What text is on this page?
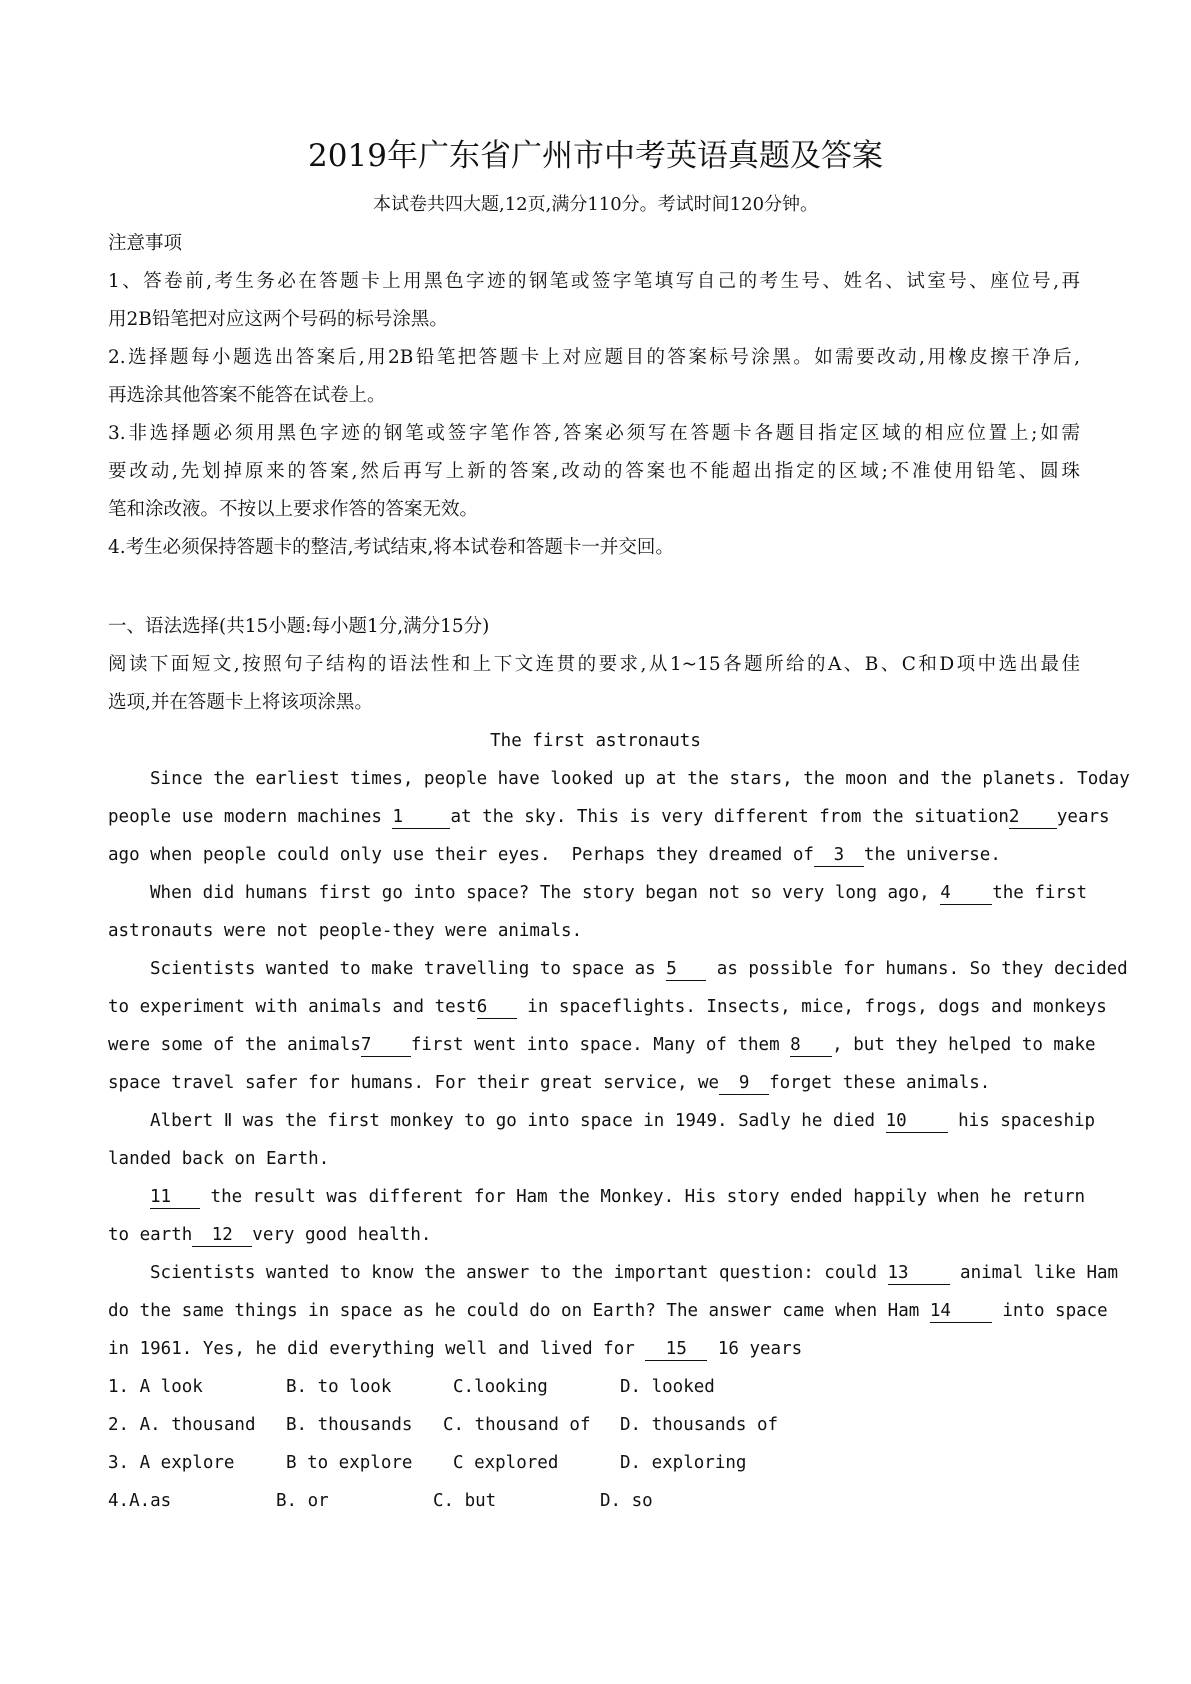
2019年广东省广州市中考英语真题及答案
本试卷共四大题,12页,满分110分。考试时间120分钟。
注意事项
1、答卷前,考生务必在答题卡上用黑色字迹的钢笔或签字笔填写自己的考生号、姓名、试室号、座位号,再
用2B铅笔把对应这两个号码的标号涂黑。
2.选择题每小题选出答案后,用2B铅笔把答题卡上对应题目的答案标号涂黑。如需要改动,用橡皮擦干净后,
再选涂其他答案不能答在试卷上。
3.非选择题必须用黑色字迹的钢笔或签字笔作答,答案必须写在答题卡各题目指定区域的相应位置上;如需
要改动,先划掉原来的答案,然后再写上新的答案,改动的答案也不能超出指定的区域;不准使用铅笔、圆珠
笔和涂改液。不按以上要求作答的答案无效。
4.考生必须保持答题卡的整洁,考试结束,将本试卷和答题卡一并交回。
一、语法选择(共15小题:每小题1分,满分15分)
阅读下面短文,按照句子结构的语法性和上下文连贯的要求,从1~15各题所给的A、B、C和D项中选出最佳
选项,并在答题卡上将该项涂黑。
The first astronauts
Since the earliest times, people have looked up at the stars, the moon and the planets. Today
people use modern machines 1	at the sky. This is very different from the situation2 years
ago when people could only use their eyes.  Perhaps they dreamed of 3 the universe.
When did humans first go into space? The story began not so very long ago, 4 the first
astronauts were not people-they were animals.
Scientists wanted to make travelling to space as 5 as possible for humans. So they decided
to experiment with animals and test6 in spaceflights. Insects, mice, frogs, dogs and monkeys
were some of the animals7 first went into space. Many of them 8 , but they helped to make
space travel safer for humans. For their great service, we 9 forget these animals.
Albert Ⅱ was the first monkey to go into space in 1949. Sadly he died 10 his spaceship
landed back on Earth.
11 the result was different for Ham the Monkey. His story ended happily when he return
to earth 12 very good health.
Scientists wanted to know the answer to the important question: could 13 animal like Ham
do the same things in space as he could do on Earth? The answer came when Ham 14 into space
in 1961. Yes, he did everything well and lived for 15 16 years
1. A look	B. to look	C.looking	D. looked
2. A. thousand B. thousands C. thousand of D. thousands of
3. A explore	B to explore C explored	D. exploring
4.A.as	B. or	C. but	D. so
